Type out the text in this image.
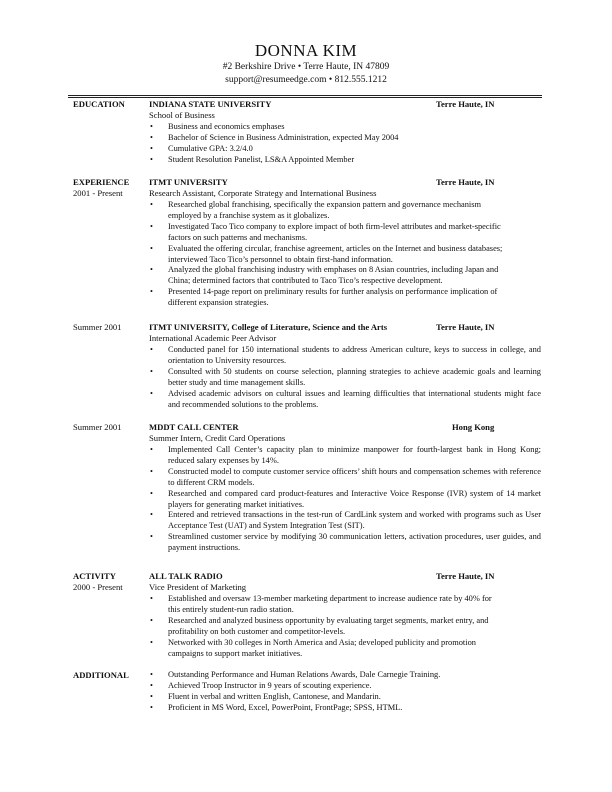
DONNA KIM
#2 Berkshire Drive • Terre Haute, IN 47809
support@resumeedge.com • 812.555.1212
EDUCATION	INDIANA STATE UNIVERSITY	Terre Haute, IN
School of Business
• Business and economics emphases
• Bachelor of Science in Business Administration, expected May 2004
• Cumulative GPA: 3.2/4.0
• Student Resolution Panelist, LS&A Appointed Member
EXPERIENCE
2001 - Present
ITMT UNIVERSITY	Terre Haute, IN
Research Assistant, Corporate Strategy and International Business
• Researched global franchising, specifically the expansion pattern and governance mechanism employed by a franchise system as it globalizes.
• Investigated Taco Tico company to explore impact of both firm-level attributes and market-specific factors on such patterns and mechanisms.
• Evaluated the offering circular, franchise agreement, articles on the Internet and business databases; interviewed Taco Tico’s personnel to obtain first-hand information.
• Analyzed the global franchising industry with emphases on 8 Asian countries, including Japan and China; determined factors that contributed to Taco Tico’s respective development.
• Presented 14-page report on preliminary results for further analysis on performance implication of different expansion strategies.
Summer 2001	ITMT UNIVERSITY, College of Literature, Science and the Arts	Terre Haute, IN
International Academic Peer Advisor
• Conducted panel for 150 international students to address American culture, keys to success in college, and orientation to University resources.
• Consulted with 50 students on course selection, planning strategies to achieve academic goals and learning better study and time management skills.
• Advised academic advisors on cultural issues and learning difficulties that international students might face and recommended solutions to the problems.
Summer 2001	MDDT CALL CENTER	Hong Kong
Summer Intern, Credit Card Operations
• Implemented Call Center’s capacity plan to minimize manpower for fourth-largest bank in Hong Kong; reduced salary expenses by 14%.
• Constructed model to compute customer service officers’ shift hours and compensation schemes with reference to different CRM models.
• Researched and compared card product-features and Interactive Voice Response (IVR) system of 14 market players for generating market initiatives.
• Entered and retrieved transactions in the test-run of CardLink system and worked with programs such as User Acceptance Test (UAT) and System Integration Test (SIT).
• Streamlined customer service by modifying 30 communication letters, activation procedures, user guides, and payment instructions.
ACTIVITY
2000 - Present
ALL TALK RADIO	Terre Haute, IN
Vice President of Marketing
• Established and oversaw 13-member marketing department to increase audience rate by 40% for this entirely student-run radio station.
• Researched and analyzed business opportunity by evaluating target segments, market entry, and profitability on both customer and competitor-levels.
• Networked with 30 colleges in North America and Asia; developed publicity and promotion campaigns to support market initiatives.
ADDITIONAL
•	Outstanding Performance and Human Relations Awards, Dale Carnegie Training.
• Achieved Troop Instructor in 9 years of scouting experience.
• Fluent in verbal and written English, Cantonese, and Mandarin.
• Proficient in MS Word, Excel, PowerPoint, FrontPage; SPSS, HTML.
